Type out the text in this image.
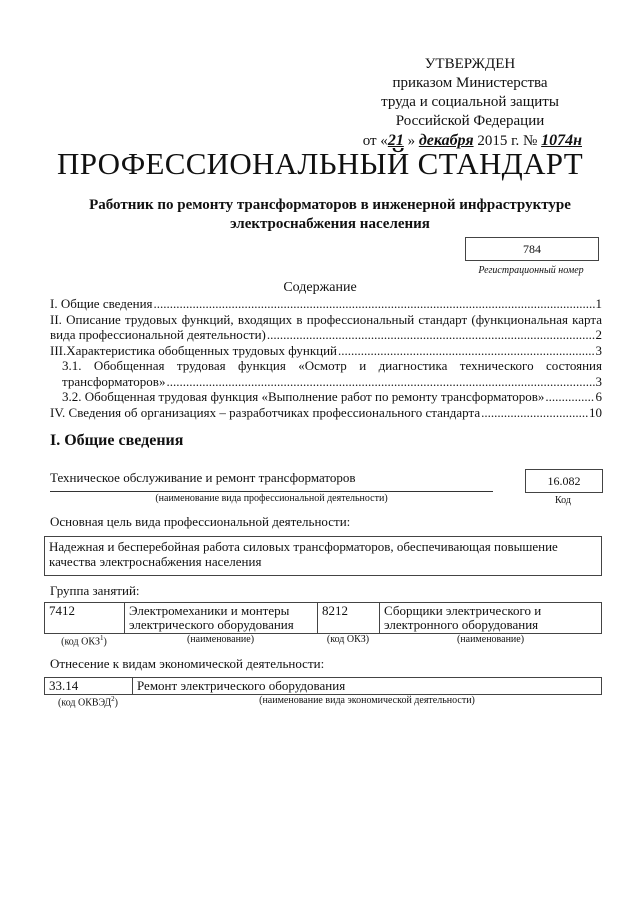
УТВЕРЖДЕН
приказом Министерства
труда и социальной защиты
Российской Федерации
от «21 » декабря 2015 г. № 1074н
ПРОФЕССИОНАЛЬНЫЙ СТАНДАРТ
Работник по ремонту трансформаторов в инженерной инфраструктуре
электроснабжения населения
784
Регистрационный номер
Содержание
I. Общие сведения .....	1
II. Описание трудовых функций, входящих в профессиональный стандарт (функциональная карта
вида профессиональной деятельности) .....	2
III.Характеристика обобщенных трудовых функций .....	3
3.1. Обобщенная трудовая функция «Осмотр и диагностика технического состояния
трансформаторов» .....	3
3.2. Обобщенная трудовая функция «Выполнение работ по ремонту трансформаторов» .....	6
IV. Сведения об организациях – разработчиках профессионального стандарта .....	10
I. Общие сведения
Техническое обслуживание и ремонт трансформаторов
(наименование вида профессиональной деятельности)
16.082
Код
Основная цель вида профессиональной деятельности:
Надежная и бесперебойная работа силовых трансформаторов, обеспечивающая повышение качества электроснабжения населения
Группа занятий:
7412	Электромеханики и монтеры электрического оборудования	8212	Сборщики электрического и электронного оборудования
(код ОКЗ$^1$)	(наименование)	(код ОКЗ)	(наименование)
Отнесение к видам экономической деятельности:
33.14	Ремонт электрического оборудования
(код ОКВЭД$^2$)	(наименование вида экономической деятельности)
